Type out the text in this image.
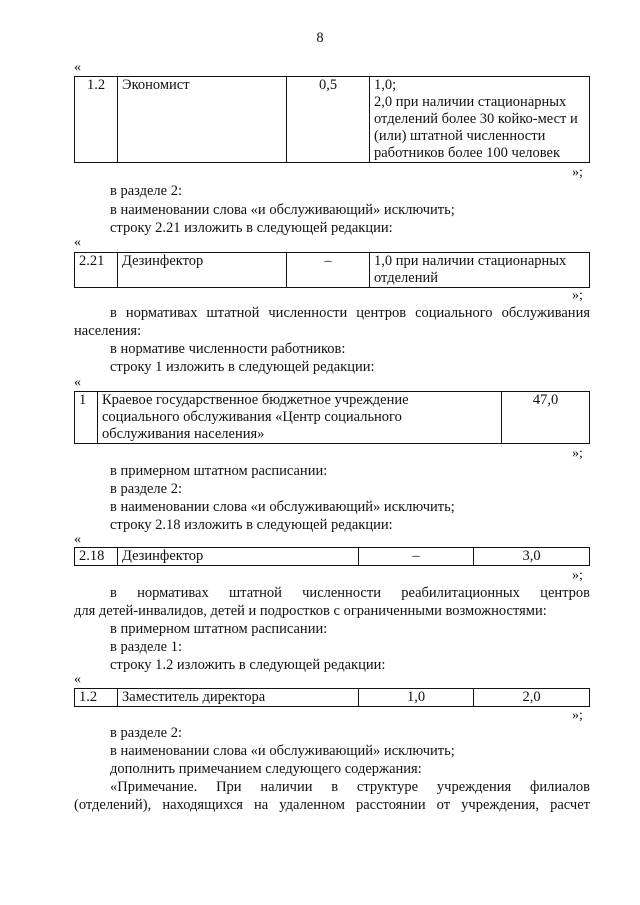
8
«
1.2	Экономист	0,5	1,0;
2,0 при наличии стационарных
отделений более 30 койко-мест и
(или) штатной численности
работников более 100 человек
»;
в разделе 2:
в наименовании слова «и обслуживающий» исключить;
строку 2.21 изложить в следующей редакции:
«
2.21	Дезинфектор	–	1,0 при наличии стационарных
отделений
»;
в нормативах штатной численности центров социального обслуживания
населения:
в нормативе численности работников:
строку 1 изложить в следующей редакции:
«
1	Краевое государственное бюджетное учреждение
социального обслуживания «Центр социального
обслуживания населения»
	47,0
»;
в примерном штатном расписании:
в разделе 2:
в наименовании слова «и обслуживающий» исключить;
строку 2.18 изложить в следующей редакции:
«
2.18	Дезинфектор	–	3,0
»;
в нормативах штатной численности реабилитационных центров
для детей-инвалидов, детей и подростков с ограниченными возможностями:
в примерном штатном расписании:
в разделе 1:
строку 1.2 изложить в следующей редакции:
«
1.2	Заместитель директора	1,0	2,0
»;
в разделе 2:
в наименовании слова «и обслуживающий» исключить;
дополнить примечанием следующего содержания:
«Примечание. При наличии в структуре учреждения филиалов
(отделений), находящихся на удаленном расстоянии от учреждения, расчет
